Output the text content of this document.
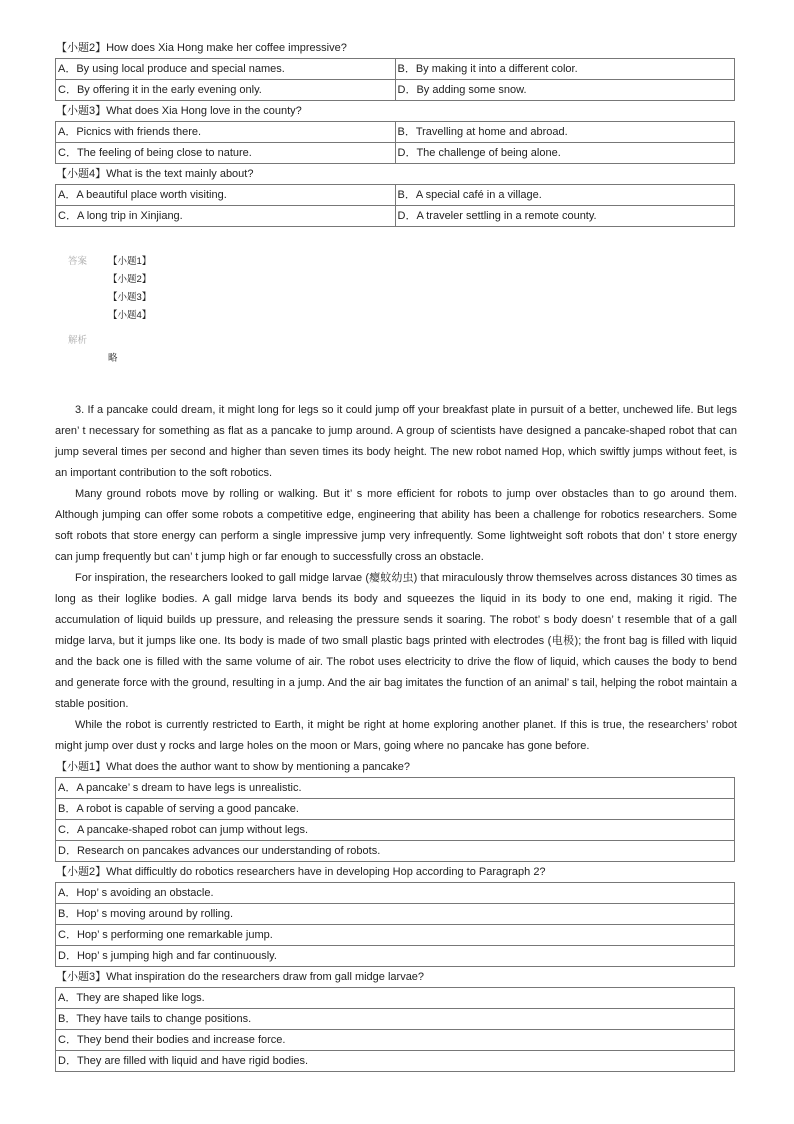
【小题2】How does Xia Hong make her coffee impressive?
A．By using local produce and special names.	B．By making it into a different color.
C．By offering it in the early evening only.	D．By adding some snow.
【小题3】What does Xia Hong love in the county?
A．Picnics with friends there.	B．Travelling at home and abroad.
C．The feeling of being close to nature.	D．The challenge of being alone.
【小题4】What is the text mainly about?
A．A beautiful place worth visiting.	B．A special café in a village.
C．A long trip in Xinjiang.	D．A traveler settling in a remote county.
答案 【小题1】
【小题2】
【小题3】
【小题4】
解析
略

3. If a pancake could dream, it might long for legs so it could jump off your breakfast plate in pursuit of a better, unchewed life. But legs aren’ t necessary for something as flat as a pancake to jump around. A group of scientists have designed a pancake-shaped robot that can jump several times per second and higher than seven times its body height. The new robot named Hop, which swiftly jumps without feet, is an important contribution to the soft robotics.

Many ground robots move by rolling or walking. But it’ s more efficient for robots to jump over obstacles than to go around them. Although jumping can offer some robots a competitive edge, engineering that ability has been a challenge for robotics researchers. Some soft robots that store energy can perform a single impressive jump very infrequently. Some lightweight soft robots that don’ t store energy can jump frequently but can’ t jump high or far enough to successfully cross an obstacle.

For inspiration, the researchers looked to gall midge larvae (瘿蚊幼虫) that miraculously throw themselves across distances 30 times as long as their loglike bodies. A gall midge larva bends its body and squeezes the liquid in its body to one end, making it rigid. The accumulation of liquid builds up pressure, and releasing the pressure sends it soaring. The robot’ s body doesn’ t resemble that of a gall midge larva, but it jumps like one. Its body is made of two small plastic bags printed with electrodes (电极); the front bag is filled with liquid and the back one is filled with the same volume of air. The robot uses electricity to drive the flow of liquid, which causes the body to bend and generate force with the ground, resulting in a jump. And the air bag imitates the function of an animal’ s tail, helping the robot maintain a stable position.

While the robot is currently restricted to Earth, it might be right at home exploring another planet. If this is true, the researchers’ robot might jump over dust y rocks and large holes on the moon or Mars, going where no pancake has gone before.

【小题1】What does the author want to show by mentioning a pancake?
A．A pancake’ s dream to have legs is unrealistic.
B．A robot is capable of serving a good pancake.
C．A pancake-shaped robot can jump without legs.
D．Research on pancakes advances our understanding of robots.
【小题2】What difficultly do robotics researchers have in developing Hop according to Paragraph 2?
A．Hop’ s avoiding an obstacle.
B．Hop’ s moving around by rolling.
C．Hop’ s performing one remarkable jump.
D．Hop’ s jumping high and far continuously.
【小题3】What inspiration do the researchers draw from gall midge larvae?
A．They are shaped like logs.
B．They have tails to change positions.
C．They bend their bodies and increase force.
D．They are filled with liquid and have rigid bodies.
